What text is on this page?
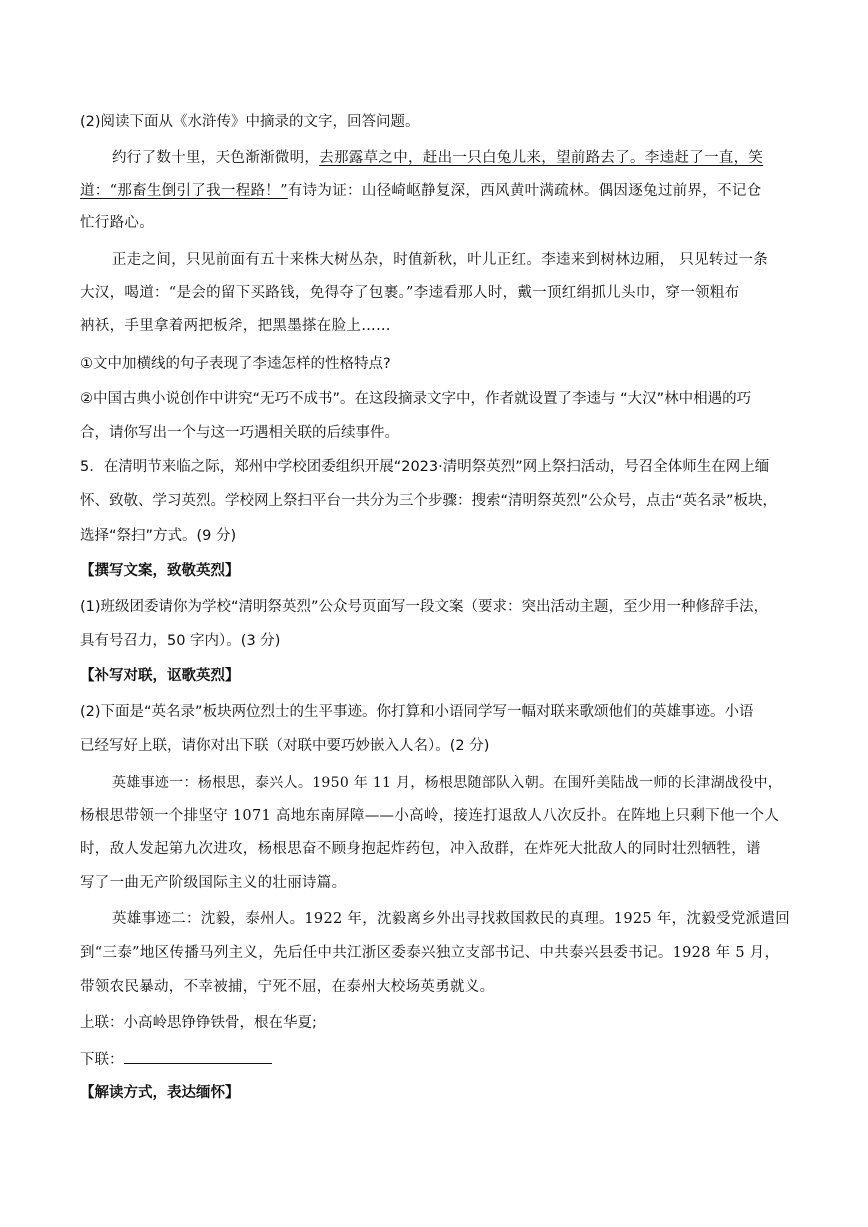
(2)阅读下面从《水浒传》中摘录的文字，回答问题。
约行了数十里，天色渐渐微明，去那露草之中，赶出一只白兔儿来，望前路去了。李逵赶了一直，笑
道：“那畜生倒引了我一程路！”有诗为证：山径崎岖静复深，西风黄叶满疏林。偶因逐兔过前界，不记仓
忙行路心。
正走之间，只见前面有五十来株大树丛杂，时值新秋，叶儿正红。李逵来到树林边厢， 只见转过一条
大汉，喝道：“是会的留下买路钱，免得夺了包裹。”李逵看那人时，戴一顶红绢抓儿头巾，穿一领粗布
衲袄，手里拿着两把板斧，把黑墨搽在脸上……
①文中加横线的句子表现了李逵怎样的性格特点?
②中国古典小说创作中讲究“无巧不成书”。在这段摘录文字中，作者就设置了李逵与 “大汉”林中相遇的巧
合，请你写出一个与这一巧遇相关联的后续事件。
5．在清明节来临之际，郑州中学校团委组织开展“2023·清明祭英烈”网上祭扫活动，号召全体师生在网上缅
怀、致敬、学习英烈。学校网上祭扫平台一共分为三个步骤：搜索“清明祭英烈”公众号，点击“英名录”板块，
选择“祭扫”方式。(9 分)
【撰写文案，致敬英烈】
(1)班级团委请你为学校“清明祭英烈”公众号页面写一段文案（要求：突出活动主题，至少用一种修辞手法，
具有号召力，50 字内）。(3 分)
【补写对联，讴歌英烈】
(2)下面是“英名录”板块两位烈士的生平事迹。你打算和小语同学写一幅对联来歌颂他们的英雄事迹。小语
已经写好上联，请你对出下联（对联中要巧妙嵌入人名）。(2 分)
英雄事迹一：杨根思，泰兴人。1950 年 11 月，杨根思随部队入朝。在围歼美陆战一师的长津湖战役中，
杨根思带领一个排坚守 1071 高地东南屏障——小高岭，接连打退敌人八次反扑。在阵地上只剩下他一个人
时，敌人发起第九次进攻，杨根思奋不顾身抱起炸药包，冲入敌群，在炸死大批敌人的同时壮烈牺牲，谱
写了一曲无产阶级国际主义的壮丽诗篇。
英雄事迹二：沈毅，泰州人。1922 年，沈毅离乡外出寻找救国救民的真理。1925 年，沈毅受党派遣回
到“三泰”地区传播马列主义，先后任中共江浙区委泰兴独立支部书记、中共泰兴县委书记。1928 年 5 月，
带领农民暴动，不幸被捕，宁死不屈，在泰州大校场英勇就义。
上联：小高岭思铮铮铁骨，根在华夏;
下联：
【解读方式，表达缅怀】
